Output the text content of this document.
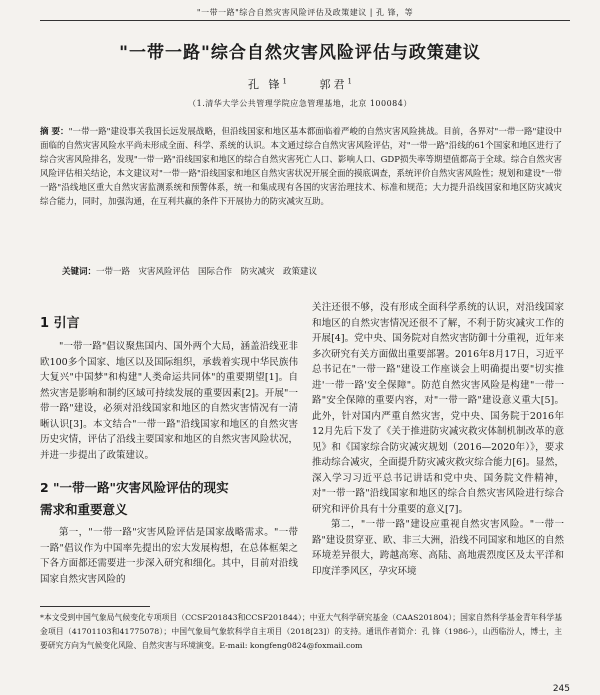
"一带一路"综合自然灾害风险评估及政策建议 | 孔 锋，等
"一带一路"综合自然灾害风险评估与政策建议
孔 锋$^1$	郭君$^1$
（1.清华大学公共管理学院应急管理基地，北京 100084）
摘 要："一带一路"建设事关我国长远发展战略，但沿线国家和地区基本都面临着严峻的自然灾害风险挑战。目前，各界对"一带一路"建设中面临的自然灾害风险水平尚未形成全面、科学、系统的认识。本文通过综合自然灾害风险评估，对"一带一路"沿线的61个国家和地区进行了综合灾害风险排名，发现"一带一路"沿线国家和地区的综合自然灾害死亡人口、影响人口、GDP损失率等期望值都高于全球。综合自然灾害风险评估相关结论，本文建议对"一带一路"沿线国家和地区自然灾害状况开展全面的摸底调查，系统评价自然灾害风险性；规划和建设"一带一路"沿线地区重大自然灾害监测系统和预警体系，统一和集成现有各国的灾害治理技术、标准和规范；大力提升沿线国家和地区防灾减灾综合能力，同时，加强沟通，在互利共赢的条件下开展协力的防灾减灾互助。
关键词：一带一路　灾害风险评估　国际合作　防灾减灾　政策建议
1 引言

"一带一路"倡议聚焦国内、国外两个大局，涵盖沿线亚非欧100多个国家、地区以及国际组织，承载着实现中华民族伟大复兴"中国梦"和构建"人类命运共同体"的重要期望[1]。自然灾害是影响和制约区域可持续发展的重要因素[2]。开展"一带一路"建设，必须对沿线国家和地区的自然灾害情况有一清晰认识[3]。本文结合"一带一路"沿线国家和地区的自然灾害历史灾情，评估了沿线主要国家和地区的自然灾害风险状况，并进一步提出了政策建议。

2 "一带一路"灾害风险评估的现实
需求和重要意义

第一，"一带一路"灾害风险评估是国家战略需求。"一带一路"倡议作为中国率先提出的宏大发展构想，在总体框架之下各方面都还需要进一步深入研究和细化。其中，目前对沿线国家自然灾害风险的

关注还很不够，没有形成全面科学系统的认识，对沿线国家和地区的自然灾害情况还很不了解，不利于防灾减灾工作的开展[4]。党中央、国务院对自然灾害防御十分重视，近年来多次研究有关方面做出重要部署。2016年8月17日，习近平总书记在"一带一路"建设工作座谈会上明确提出要"切实推进'一带一路'安全保障"。防范自然灾害风险是构建"一带一路"安全保障的重要内容，对"一带一路"建设意义重大[5]。此外，针对国内严重自然灾害，党中央、国务院于2016年12月先后下发了《关于推进防灾减灾救灾体制机制改革的意见》和《国家综合防灾减灾规划（2016—2020年）》，要求推动综合减灾，全面提升防灾减灾救灾综合能力[6]。显然，深入学习习近平总书记讲话和党中央、国务院文件精神，对"一带一路"沿线国家和地区的综合自然灾害风险进行综合研究和评价具有十分重要的意义[7]。

第二，"一带一路"建设应重视自然灾害风险。"一带一路"建设贯穿亚、欧、非三大洲，沿线不同国家和地区的自然环境差异很大，跨越高寒、高陆、高地震烈度区及太平洋和印度洋季风区，孕灾环境

*本文受到中国气象局气候变化专项项目（CCSF201843和CCSF201844）；中亚大气科学研究基金（CAAS201804）；国家自然科学基金青年科学基金项目（41701103和41775078）；中国气象局气象软科学自主项目（2018[23]）的支持。通讯作者简介：孔 锋（1986-），山西临汾人，博士，主要研究方向为气候变化风险、自然灾害与环境演变。E-mail: kongfeng0824@foxmail.com
245
